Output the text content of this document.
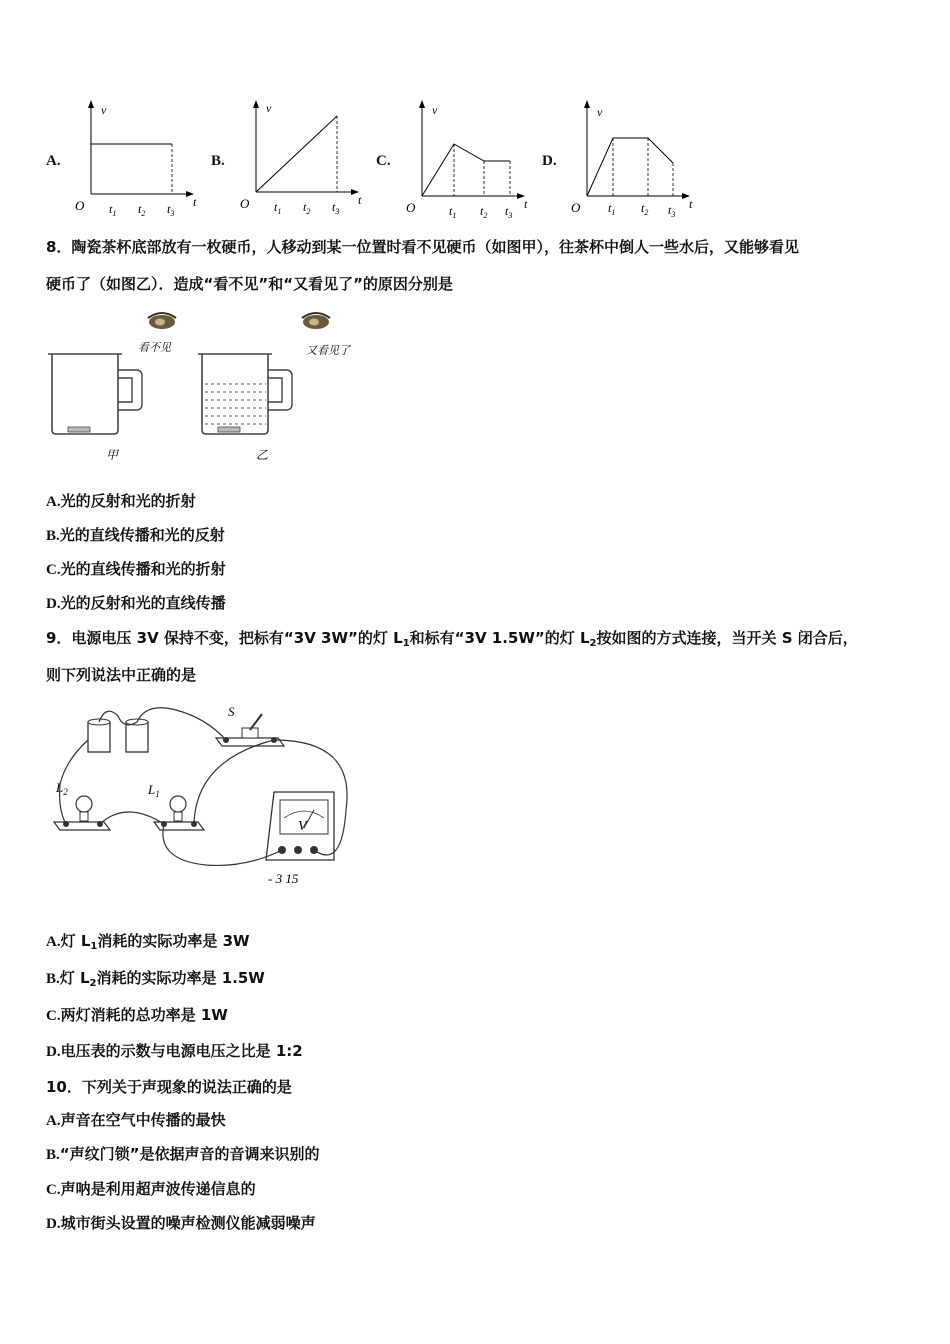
A.	B.	C.	D.
v
t
O $t_1$ $t_2$ $t_3$
v
t
O $t_1$ $t_2$ $t_3$
v
t
O	$t_1$ $t_2$ $t_3$
v
t
O $t_1$ $t_2$ $t_3$
8．陶瓷茶杯底部放有一枚硬币，人移动到某一位置时看不见硬币（如图甲），往茶杯中倒人一些水后，又能够看见
硬币了（如图乙）．造成“看不见”和“又看见了”的原因分别是
看不见
甲
又看见了
乙
A.光的反射和光的折射
B.光的直线传播和光的反射
C.光的直线传播和光的折射
D.光的反射和光的直线传播
9．电源电压 3V 保持不变，把标有“3V 3W”的灯 $L_1$和标有“3V 1.5W”的灯 $L_2$按如图的方式连接，当开关 S 闭合后，
则下列说法中正确的是
S
$L_2$	$L_1$
V
- 3 15
A.灯 $L_1$消耗的实际功率是 3W
B.灯 $L_2$消耗的实际功率是 1.5W
C.两灯消耗的总功率是 1W
D.电压表的示数与电源电压之比是 1:2
10．下列关于声现象的说法正确的是
A.声音在空气中传播的最快
B.“声纹门锁”是依据声音的音调来识别的
C.声呐是利用超声波传递信息的
D.城市街头设置的噪声检测仪能减弱噪声
